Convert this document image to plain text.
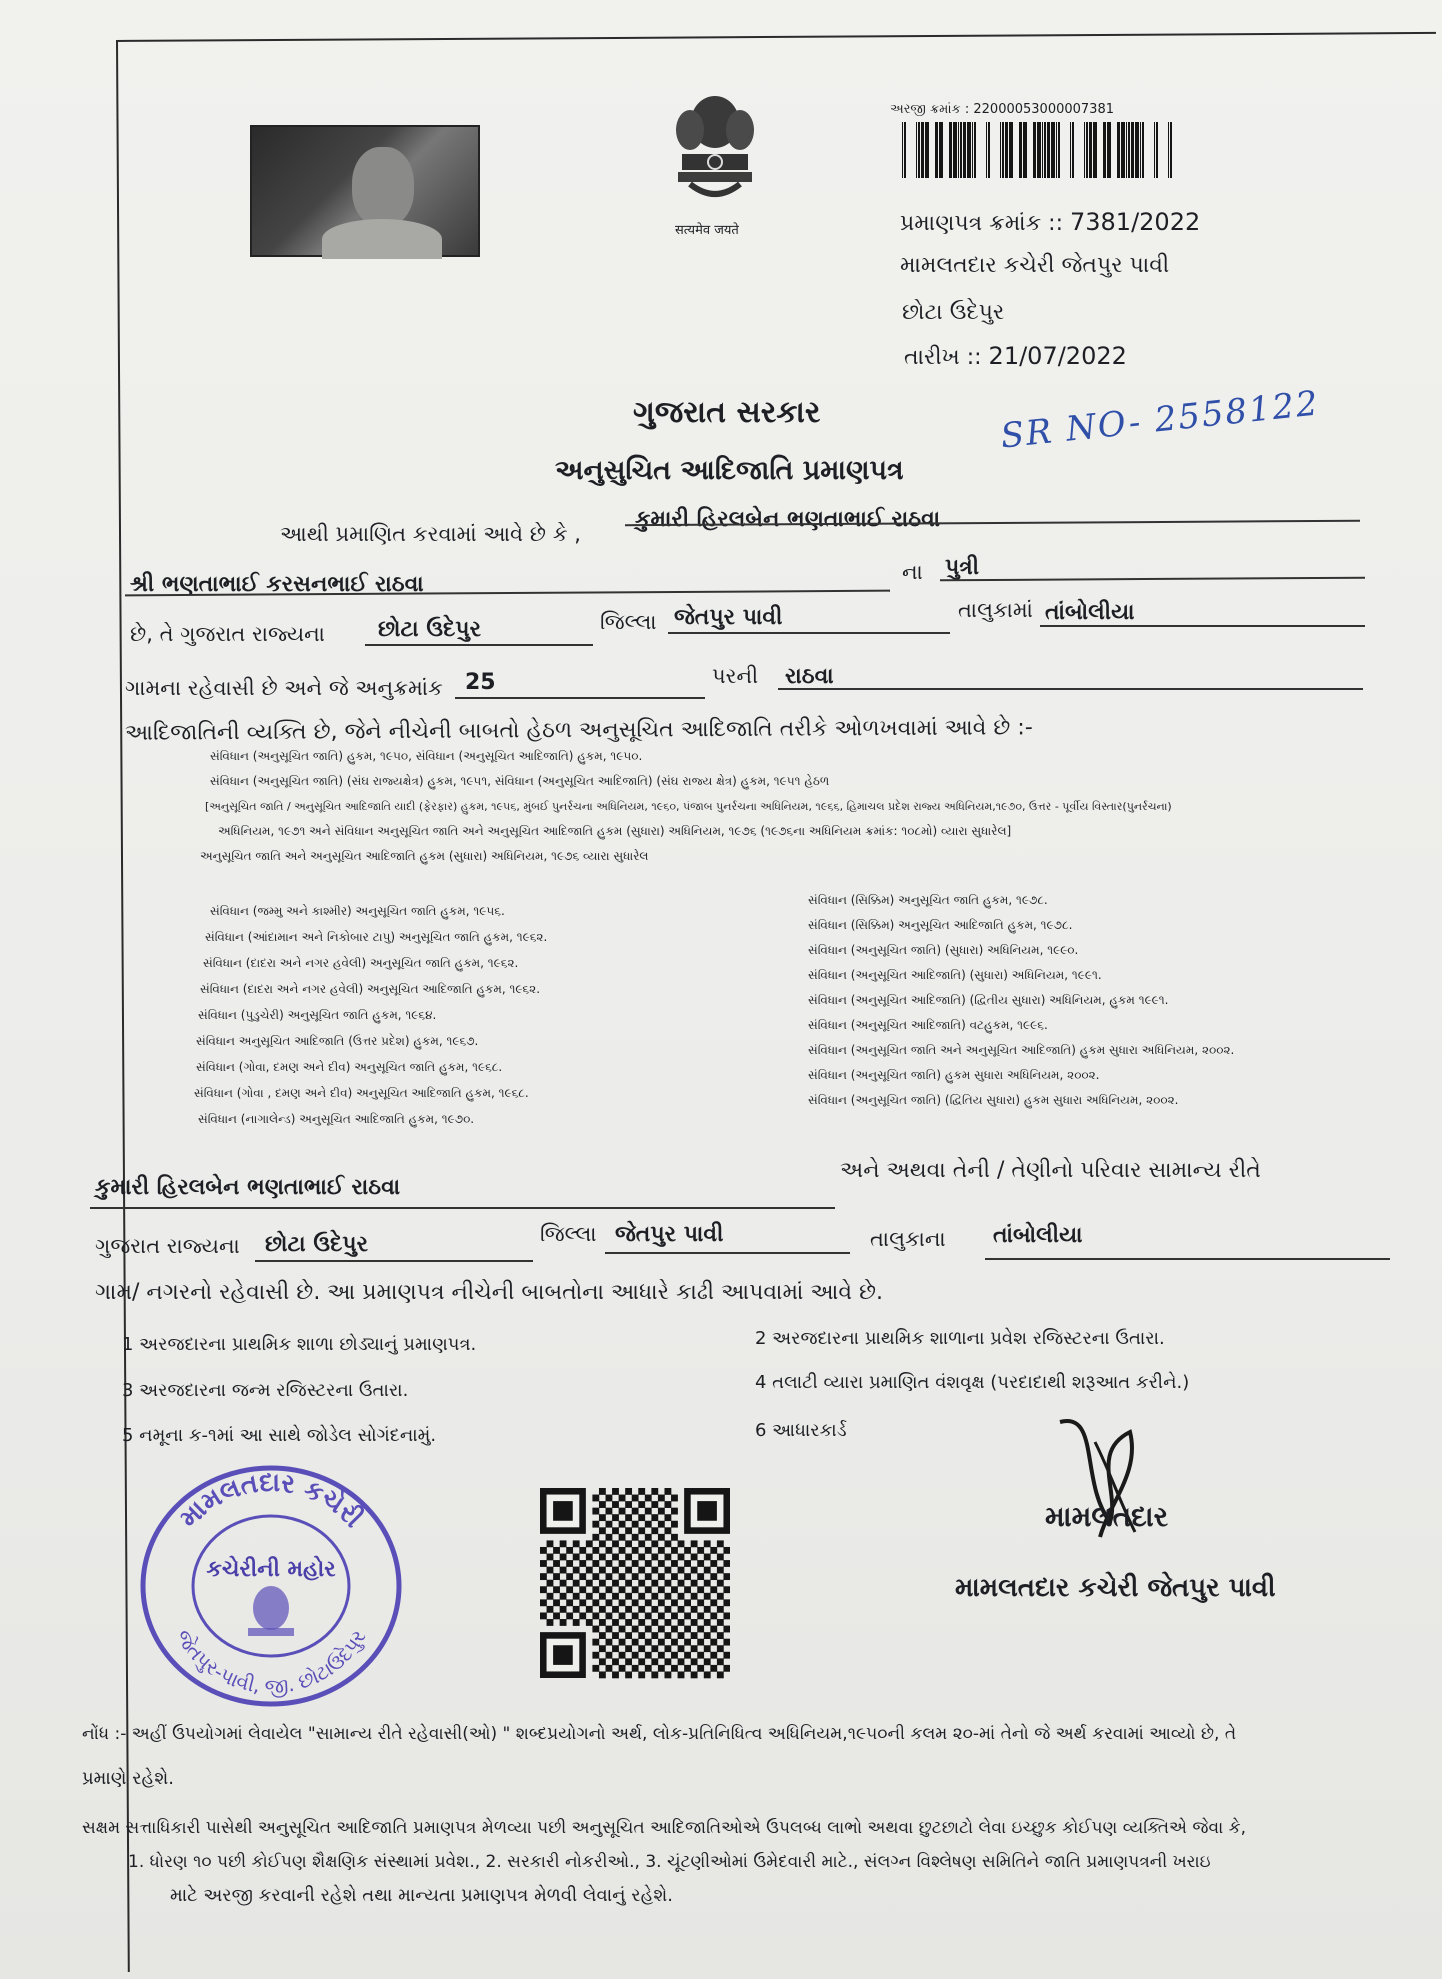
सत्यमेव जयते
અરજી ક્રમાંક : 22000053000007381
પ્રમાણપત્ર ક્રમાંક :: 7381/2022
મામલતદાર કચેરી જેતપુર પાવી
છોટા ઉદેપુર
તારીખ :: 21/07/2022
ગુજરાત સરકાર
અનુસુચિત આદિજાતિ પ્રમાણપત્ર
SR NO- 2558122
આથી પ્રમાણિત કરવામાં આવે છે કે ,
કુમારી હિરલબેન ભણતાભાઈ રાઠવા
શ્રી ભણતાભાઈ કરસનભાઈ રાઠવા	ના પુત્રી
છે, તે ગુજરાત રાજ્યના છોટા ઉદેપુર	જિલ્લા જેતપુર પાવી	તાલુકામાં તાંબોલીયા
ગામના રહેવાસી છે અને જે અનુક્રમાંક 25	પરની રાઠવા
આદિજાતિની વ્યક્તિ છે, જેને નીચેની બાબતો હેઠળ અનુસૂચિત આદિજાતિ તરીકે ઓળખવામાં આવે છે :-
સંવિધાન (અનુસૂચિત જાતિ) હુકમ, ૧૯૫૦, સંવિધાન (અનુસૂચિત આદિજાતિ) હુકમ, ૧૯૫૦.
સંવિધાન (અનુસૂચિત જાતિ) (સંઘ રાજ્યક્ષેત્ર) હુકમ, ૧૯૫૧, સંવિધાન (અનુસૂચિત આદિજાતિ) (સંઘ રાજ્ય ક્ષેત્ર) હુકમ, ૧૯૫૧ હેઠળ
[અનુસૂચિત જાતિ / અનુસૂચિત આદિજાતિ યાદી (ફેરફાર) હુકમ, ૧૯૫૬, મુંબઈ પુનર્રચના અધિનિયમ, ૧૯૬૦, પંજાબ પુનર્રચના અધિનિયમ, ૧૯૬૬, હિમાચલ પ્રદેશ રાજ્ય અધિનિયમ,૧૯૭૦, ઉત્તર - પૂર્વીય વિસ્તાર(પુનર્રચના)
અધિનિયમ, ૧૯૭૧ અને સંવિધાન અનુસૂચિત જાતિ અને અનુસૂચિત આદિજાતિ હુકમ (સુધારા) અધિનિયમ, ૧૯૭૬ (૧૯૭૬ના અધિનિયમ ક્રમાંક: ૧૦૮મો) વ્યારા સુધારેલ]
અનુસૂચિત જાતિ અને અનુસૂચિત આદિજાતિ હુકમ (સુધારા) અધિનિયમ, ૧૯૭૬ વ્યારા સુધારેલ
સંવિધાન (જમ્મુ અને કાશ્મીર) અનુસૂચિત જાતિ હુકમ, ૧૯૫૬.
સંવિધાન (આંદામાન અને નિકોબાર ટાપુ) અનુસૂચિત જાતિ હુકમ, ૧૯૬૨.
સંવિધાન (દાદરા અને નગર હવેલી) અનુસૂચિત જાતિ હુકમ, ૧૯૬૨.
સંવિધાન (દાદરા અને નગર હવેલી) અનુસૂચિત આદિજાતિ હુકમ, ૧૯૬૨.
સંવિધાન (પુડુચેરી) અનુસૂચિત જાતિ હુકમ, ૧૯૬૪.
સંવિધાન અનુસૂચિત આદિજાતિ (ઉત્તર પ્રદેશ) હુકમ, ૧૯૬૭.
સંવિધાન (ગોવા, દમણ અને દીવ) અનુસૂચિત જાતિ હુકમ, ૧૯૬૮.
સંવિધાન (ગોવા , દમણ અને દીવ) અનુસૂચિત આદિજાતિ હુકમ, ૧૯૬૮.
સંવિધાન (નાગાલેન્ડ) અનુસૂચિત આદિજાતિ હુકમ, ૧૯૭૦.
સંવિધાન (સિક્કિમ) અનુસૂચિત જાતિ હુકમ, ૧૯૭૮.
સંવિધાન (સિક્કિમ) અનુસૂચિત આદિજાતિ હુકમ, ૧૯૭૮.
સંવિધાન (અનુસૂચિત જાતિ) (સુધારા) અધિનિયમ, ૧૯૯૦.
સંવિધાન (અનુસૂચિત આદિજાતિ) (સુધારા) અધિનિયમ, ૧૯૯૧.
સંવિધાન (અનુસૂચિત આદિજાતિ) (દ્વિતીય સુધારા) અધિનિયમ, હુકમ ૧૯૯૧.
સંવિધાન (અનુસૂચિત આદિજાતિ) વટહુકમ, ૧૯૯૬.
સંવિધાન (અનુસૂચિત જાતિ અને અનુસૂચિત આદિજાતિ) હુકમ સુધારા અધિનિયમ, ૨૦૦૨.
સંવિધાન (અનુસૂચિત જાતિ) હુકમ સુધારા અધિનિયમ, ૨૦૦૨.
સંવિધાન (અનુસૂચિત જાતિ) (દ્વિતિય સુધારા) હુકમ સુધારા અધિનિયમ, ૨૦૦૨.
કુમારી હિરલબેન ભણતાભાઈ રાઠવા
અને અથવા તેની / તેણીનો પરિવાર સામાન્ય રીતે
ગુજરાત રાજ્યના છોટા ઉદેપુર	જિલ્લા જેતપુર પાવી	તાલુકાના તાંબોલીયા
ગામ/ નગરનો રહેવાસી છે. આ પ્રમાણપત્ર નીચેની બાબતોના આધારે કાઢી આપવામાં આવે છે.
1 અરજદારના પ્રાથમિક શાળા છોડ્યાનું પ્રમાણપત્ર.	2 અરજદારના પ્રાથમિક શાળાના પ્રવેશ રજિસ્ટરના ઉતારા.
3 અરજદારના જન્મ રજિસ્ટરના ઉતારા.	4 તલાટી વ્યારા પ્રમાણિત વંશવૃક્ષ (પરદાદાથી શરૂઆત કરીને.)
5 નમૂના ક-૧માં આ સાથે જોડેલ સોગંદનામું.	6 આધારકાર્ડ
મામલતદાર કચેરી
જેતપુર-પાવી, જી. છોટાઉદેપુર
કચેરીની મહોર
મામલતદાર
મામલતદાર કચેરી જેતપુર પાવી
નોંધ :- અહીં ઉપયોગમાં લેવાયેલ "સામાન્ય રીતે રહેવાસી(ઓ) " શબ્દપ્રયોગનો અર્થ, લોક-પ્રતિનિધિત્વ અધિનિયમ,૧૯૫૦ની કલમ ૨૦-માં તેનો જે અર્થ કરવામાં આવ્યો છે, તે
પ્રમાણે રહેશે.
સક્ષમ સત્તાધિકારી પાસેથી અનુસૂચિત આદિજાતિ પ્રમાણપત્ર મેળવ્યા પછી અનુસૂચિત આદિજાતિઓએ ઉપલબ્ધ લાભો અથવા છુટછાટો લેવા ઇચ્છુક કોઈપણ વ્યક્તિએ જેવા કે,
1. ધોરણ ૧૦ પછી કોઈપણ શૈક્ષણિક સંસ્થામાં પ્રવેશ., 2. સરકારી નોકરીઓ., 3. ચૂંટણીઓમાં ઉમેદવારી માટે., સંલગ્ન વિશ્લેષણ સમિતિને જાતિ પ્રમાણપત્રની ખરાઇ
માટે અરજી કરવાની રહેશે તથા માન્યતા પ્રમાણપત્ર મેળવી લેવાનું રહેશે.
